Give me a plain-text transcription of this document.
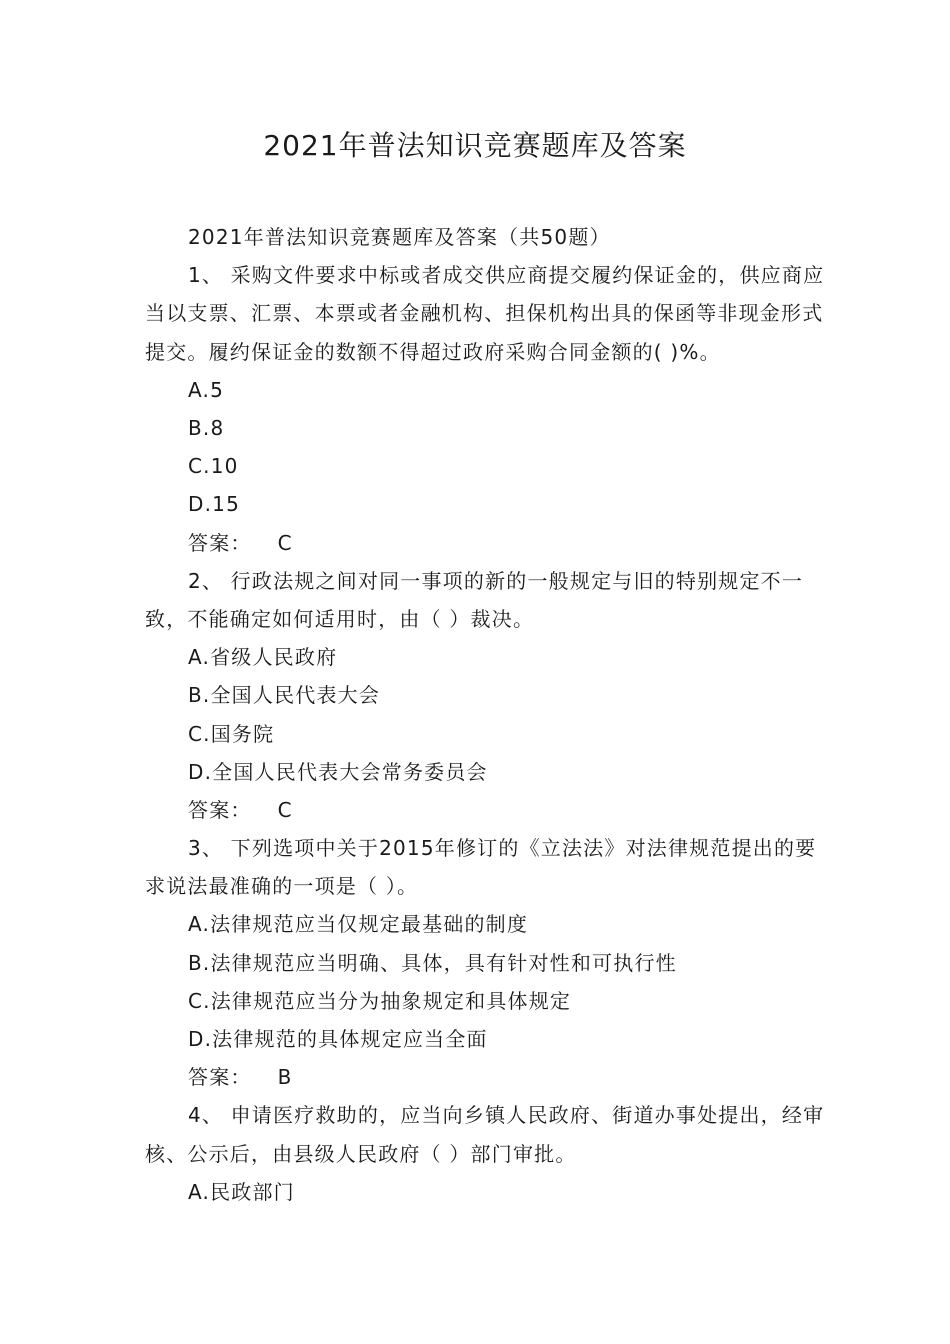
2021年普法知识竞赛题库及答案
2021年普法知识竞赛题库及答案（共50题）
1、 采购文件要求中标或者成交供应商提交履约保证金的，供应商应当以支票、汇票、本票或者金融机构、担保机构出具的保函等非现金形式提交。履约保证金的数额不得超过政府采购合同金额的( )%。
A.5
B.8
C.10
D.15
答案： C
2、 行政法规之间对同一事项的新的一般规定与旧的特别规定不一致，不能确定如何适用时，由（ ）裁决。
A.省级人民政府
B.全国人民代表大会
C.国务院
D.全国人民代表大会常务委员会
答案： C
3、 下列选项中关于2015年修订的《立法法》对法律规范提出的要求说法最准确的一项是（ ）。
A.法律规范应当仅规定最基础的制度
B.法律规范应当明确、具体，具有针对性和可执行性
C.法律规范应当分为抽象规定和具体规定
D.法律规范的具体规定应当全面
答案： B
4、 申请医疗救助的，应当向乡镇人民政府、街道办事处提出，经审核、公示后，由县级人民政府（ ）部门审批。
A.民政部门
